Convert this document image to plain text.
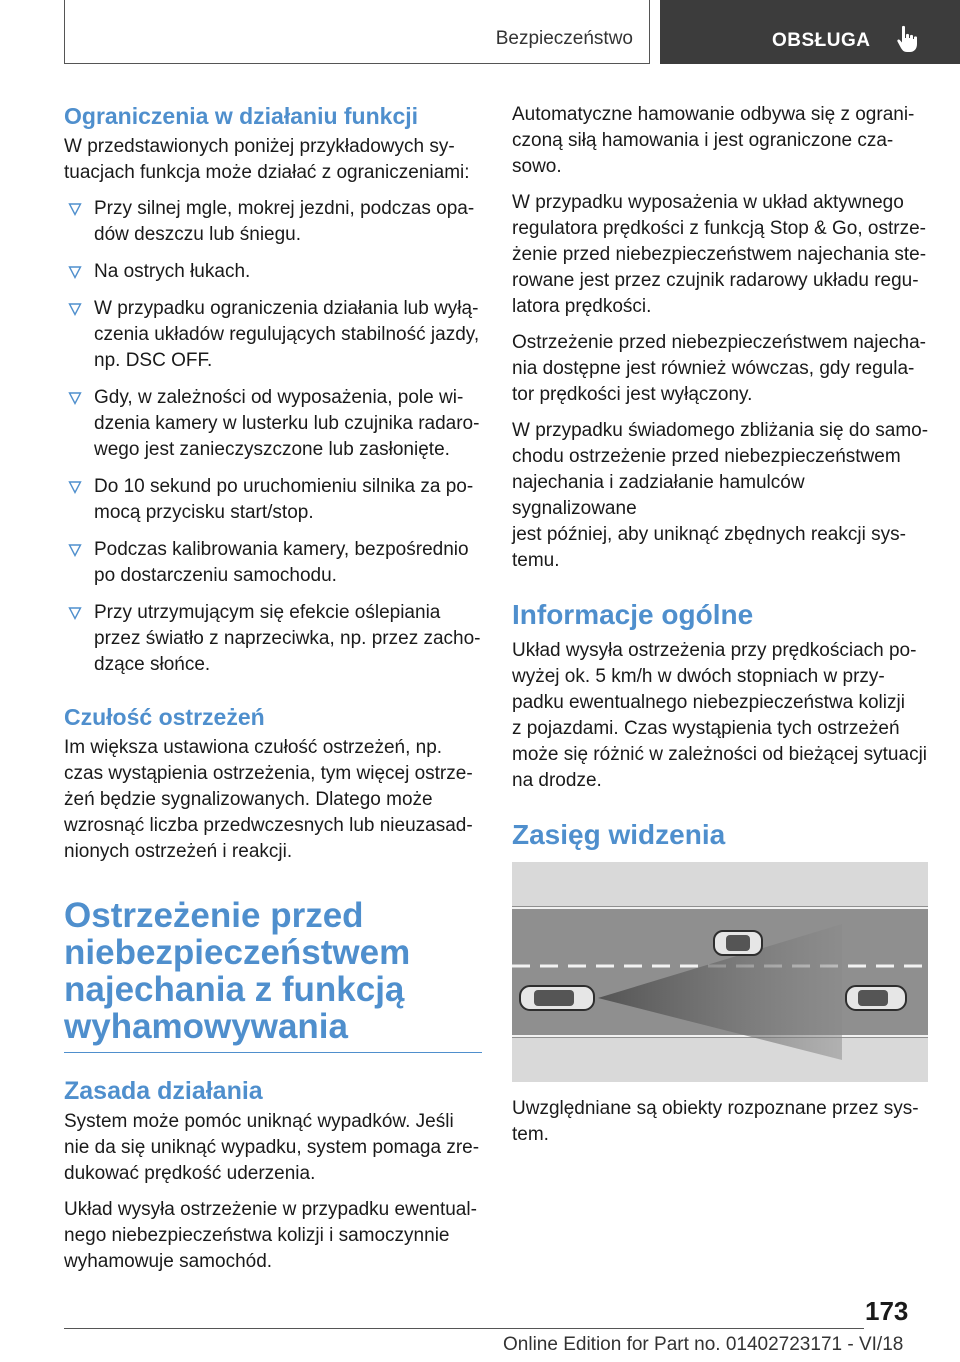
Bezpieczeństwo	OBSŁUGA
Ograniczenia w działaniu funkcji

W przedstawionych poniżej przykładowych sy-
tuacjach funkcja może działać z ograniczeniami:

Przy silnej mgle, mokrej jezdni, podczas opa-
dów deszczu lub śniegu.
Na ostrych łukach.
W przypadku ograniczenia działania lub wyłą-
czenia układów regulujących stabilność jazdy,
np. DSC OFF.
Gdy, w zależności od wyposażenia, pole wi-
dzenia kamery w lusterku lub czujnika radaro-
wego jest zanieczyszczone lub zasłonięte.
Do 10 sekund po uruchomieniu silnika za po-
mocą przycisku start/stop.
Podczas kalibrowania kamery, bezpośrednio
po dostarczeniu samochodu.
Przy utrzymującym się efekcie oślepiania
przez światło z naprzeciwka, np. przez zacho-
dzące słońce.
Czułość ostrzeżeń

Im większa ustawiona czułość ostrzeżeń, np.
czas wystąpienia ostrzeżenia, tym więcej ostrze-
żeń będzie sygnalizowanych. Dlatego może
wzrosnąć liczba przedwczesnych lub nieuzasad-
nionych ostrzeżeń i reakcji.

Ostrzeżenie przed
niebezpieczeństwem
najechania z funkcją
wyhamowywania
Zasada działania

System może pomóc uniknąć wypadków. Jeśli
nie da się uniknąć wypadku, system pomaga zre-
dukować prędkość uderzenia.

Układ wysyła ostrzeżenie w przypadku ewentual-
nego niebezpieczeństwa kolizji i samoczynnie
wyhamowuje samochód.

Automatyczne hamowanie odbywa się z ograni-
czoną siłą hamowania i jest ograniczone cza-
sowo.

W przypadku wyposażenia w układ aktywnego
regulatora prędkości z funkcją Stop & Go, ostrze-
żenie przed niebezpieczeństwem najechania ste-
rowane jest przez czujnik radarowy układu regu-
latora prędkości.

Ostrzeżenie przed niebezpieczeństwem najecha-
nia dostępne jest również wówczas, gdy regula-
tor prędkości jest wyłączony.

W przypadku świadomego zbliżania się do samo-
chodu ostrzeżenie przed niebezpieczeństwem
najechania i zadziałanie hamulców sygnalizowane
jest później, aby uniknąć zbędnych reakcji sys-
temu.

Informacje ogólne

Układ wysyła ostrzeżenia przy prędkościach po-
wyżej ok. 5 km/h w dwóch stopniach w przy-
padku ewentualnego niebezpieczeństwa kolizji
z pojazdami. Czas wystąpienia tych ostrzeżeń
może się różnić w zależności od bieżącej sytuacji
na drodze.

Zasięg widzenia

Uwzględniane są obiekty rozpoznane przez sys-
tem.

173
Online Edition for Part no. 01402723171 - VI/18
